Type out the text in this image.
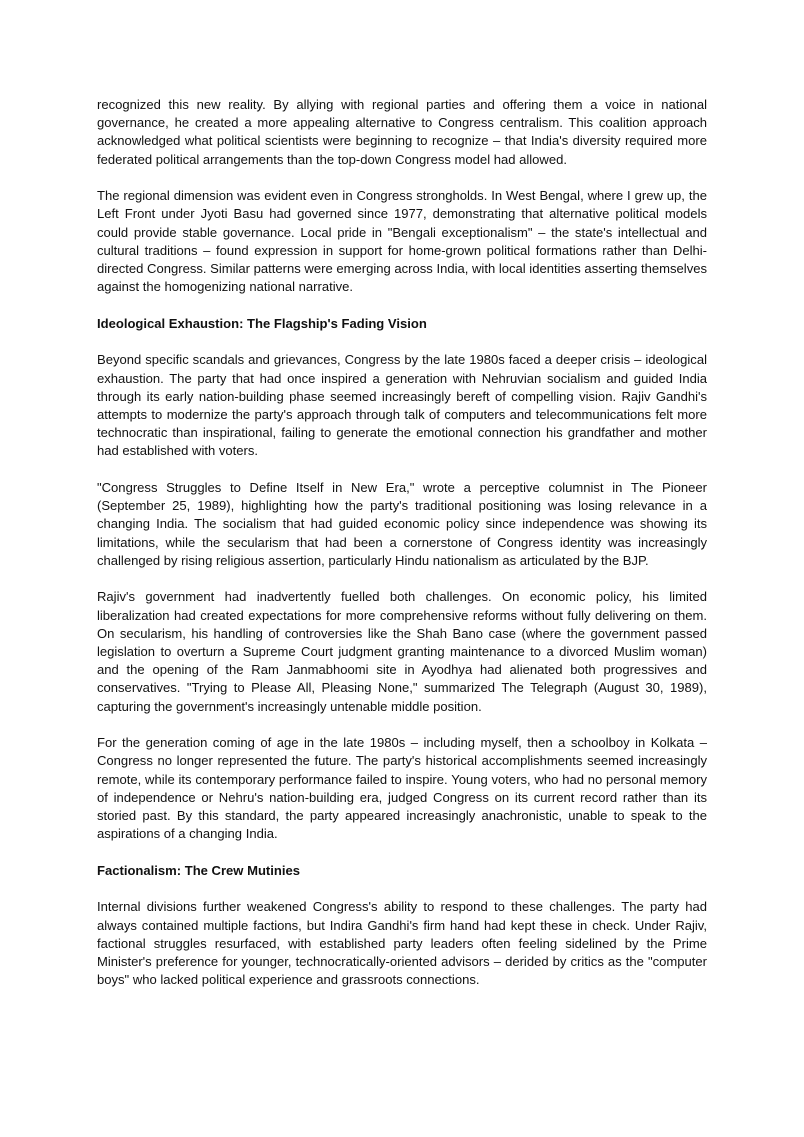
recognized this new reality. By allying with regional parties and offering them a voice in national governance, he created a more appealing alternative to Congress centralism. This coalition approach acknowledged what political scientists were beginning to recognize – that India's diversity required more federated political arrangements than the top-down Congress model had allowed.

The regional dimension was evident even in Congress strongholds. In West Bengal, where I grew up, the Left Front under Jyoti Basu had governed since 1977, demonstrating that alternative political models could provide stable governance. Local pride in "Bengali exceptionalism" – the state's intellectual and cultural traditions – found expression in support for home-grown political formations rather than Delhi-directed Congress. Similar patterns were emerging across India, with local identities asserting themselves against the homogenizing national narrative.

Ideological Exhaustion: The Flagship's Fading Vision

Beyond specific scandals and grievances, Congress by the late 1980s faced a deeper crisis – ideological exhaustion. The party that had once inspired a generation with Nehruvian socialism and guided India through its early nation-building phase seemed increasingly bereft of compelling vision. Rajiv Gandhi's attempts to modernize the party's approach through talk of computers and telecommunications felt more technocratic than inspirational, failing to generate the emotional connection his grandfather and mother had established with voters.

"Congress Struggles to Define Itself in New Era," wrote a perceptive columnist in The Pioneer (September 25, 1989), highlighting how the party's traditional positioning was losing relevance in a changing India. The socialism that had guided economic policy since independence was showing its limitations, while the secularism that had been a cornerstone of Congress identity was increasingly challenged by rising religious assertion, particularly Hindu nationalism as articulated by the BJP.

Rajiv's government had inadvertently fuelled both challenges. On economic policy, his limited liberalization had created expectations for more comprehensive reforms without fully delivering on them. On secularism, his handling of controversies like the Shah Bano case (where the government passed legislation to overturn a Supreme Court judgment granting maintenance to a divorced Muslim woman) and the opening of the Ram Janmabhoomi site in Ayodhya had alienated both progressives and conservatives. "Trying to Please All, Pleasing None," summarized The Telegraph (August 30, 1989), capturing the government's increasingly untenable middle position.

For the generation coming of age in the late 1980s – including myself, then a schoolboy in Kolkata – Congress no longer represented the future. The party's historical accomplishments seemed increasingly remote, while its contemporary performance failed to inspire. Young voters, who had no personal memory of independence or Nehru's nation-building era, judged Congress on its current record rather than its storied past. By this standard, the party appeared increasingly anachronistic, unable to speak to the aspirations of a changing India.

Factionalism: The Crew Mutinies

Internal divisions further weakened Congress's ability to respond to these challenges. The party had always contained multiple factions, but Indira Gandhi's firm hand had kept these in check. Under Rajiv, factional struggles resurfaced, with established party leaders often feeling sidelined by the Prime Minister's preference for younger, technocratically-oriented advisors – derided by critics as the "computer boys" who lacked political experience and grassroots connections.
